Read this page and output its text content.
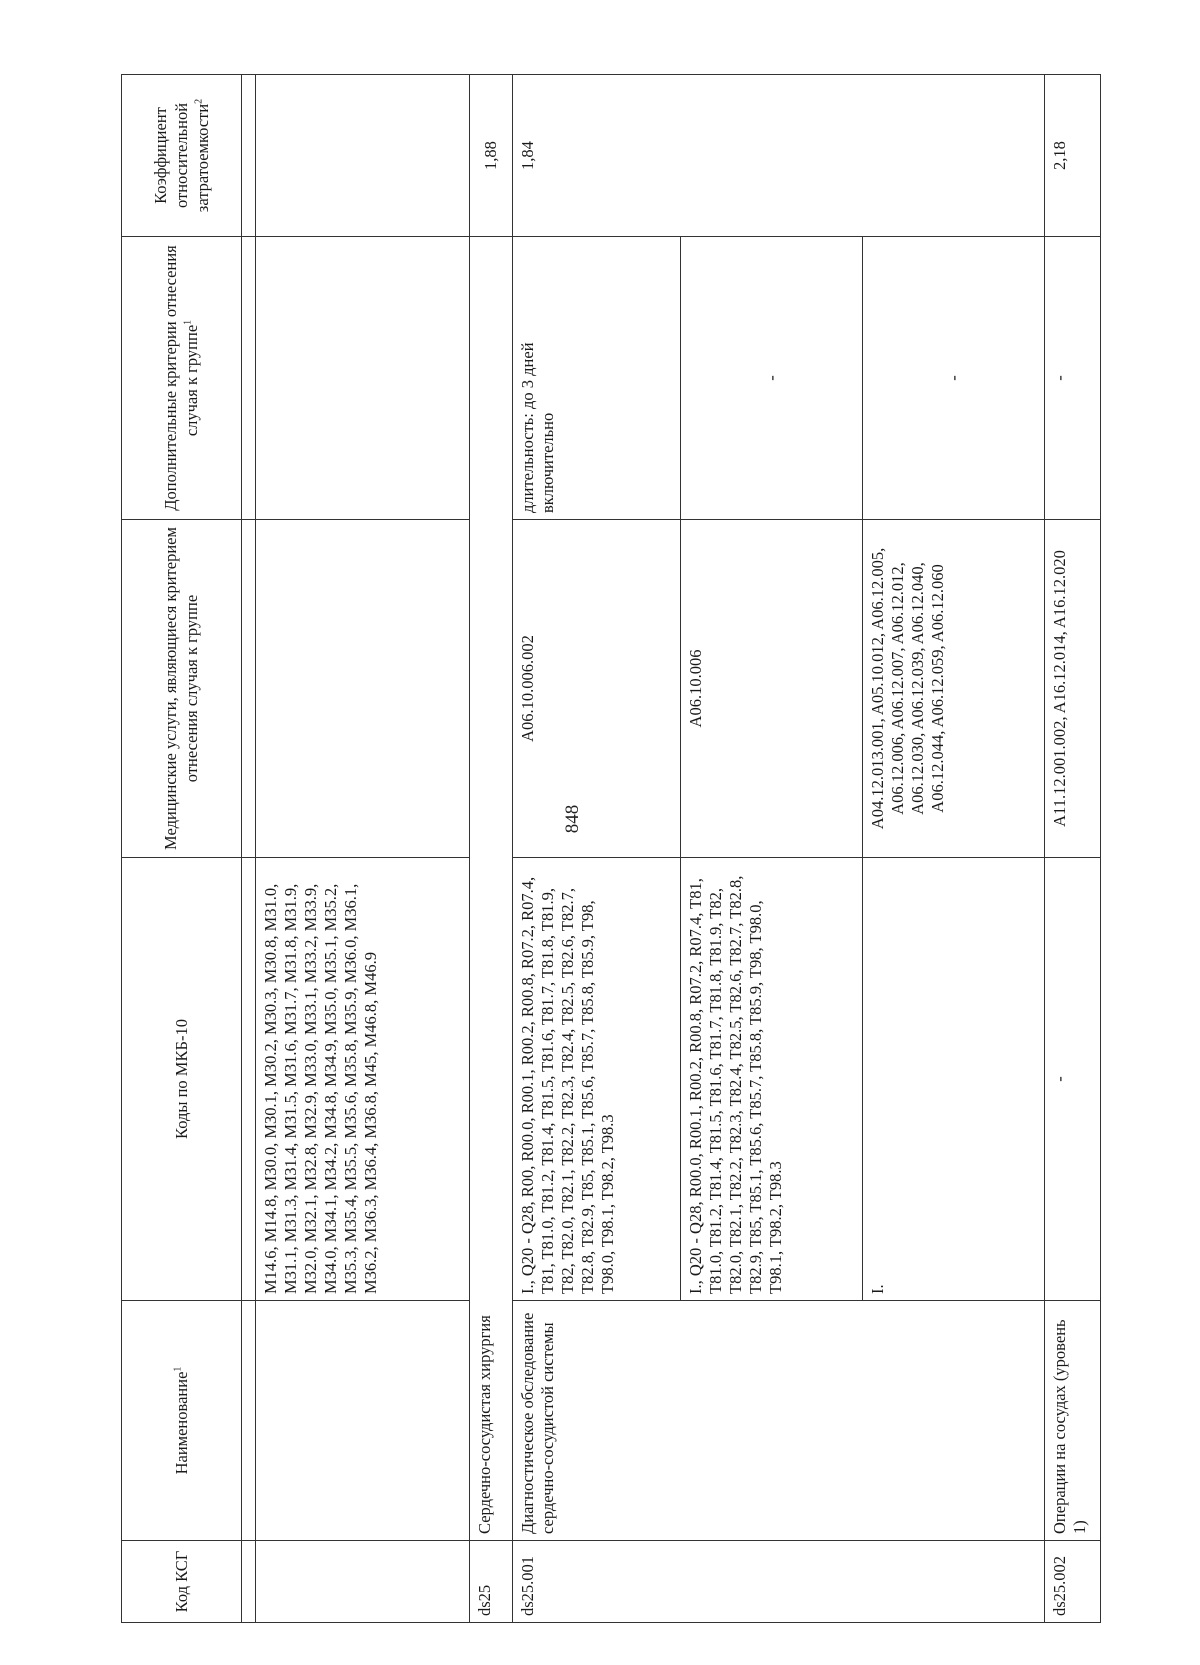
848
Код КСГ	Наименование$^1$	Коды по МКБ-10	Медицинские услуги, являющиеся критерием отнесения случая к группе	Дополнительные критерии отнесения случая к группе$^1$	Коэффициент относительной затратоемкости$^2$

		M14.6, M14.8, M30.0, M30.1, M30.2, M30.3, M30.8, M31.0, M31.1, M31.3, M31.4, M31.5, M31.6, M31.7, M31.8, M31.9, M32.0, M32.1, M32.8, M32.9, M33.0, M33.1, M33.2, M33.9, M34.0, M34.1, M34.2, M34.8, M34.9, M35.0, M35.1, M35.2, M35.3, M35.4, M35.5, M35.6, M35.8, M35.9, M36.0, M36.1, M36.2, M36.3, M36.4, M36.8, M45, M46.8, M46.9			
ds25	Сердечно-сосудистая хирургия				1,88
ds25.001	Диагностическое обследование сердечно-сосудистой системы	I., Q20 - Q28, R00, R00.0, R00.1, R00.2, R00.8, R07.2, R07.4, T81, T81.0, T81.2, T81.4, T81.5, T81.6, T81.7, T81.8, T81.9, T82, T82.0, T82.1, T82.2, T82.3, T82.4, T82.5, T82.6, T82.7, T82.8, T82.9, T85, T85.1, T85.6, T85.7, T85.8, T85.9, T98, T98.0, T98.1, T98.2, T98.3	A06.10.006.002	длительность: до 3 дней включительно	1,84
		I., Q20 - Q28, R00.0, R00.1, R00.2, R00.8, R07.2, R07.4, T81, T81.0, T81.2, T81.4, T81.5, T81.6, T81.7, T81.8, T81.9, T82, T82.0, T82.1, T82.2, T82.3, T82.4, T82.5, T82.6, T82.7, T82.8, T82.9, T85, T85.1, T85.6, T85.7, T85.8, T85.9, T98, T98.0, T98.1, T98.2, T98.3	A06.10.006	-	
		I.	A04.12.013.001, A05.10.012, A06.12.005, A06.12.006, A06.12.007, A06.12.012, A06.12.030, A06.12.039, A06.12.040, A06.12.044, A06.12.059, A06.12.060	-	
ds25.002	Операции на сосудах (уровень 1)	-	A11.12.001.002, A16.12.014, A16.12.020	-	2,18
